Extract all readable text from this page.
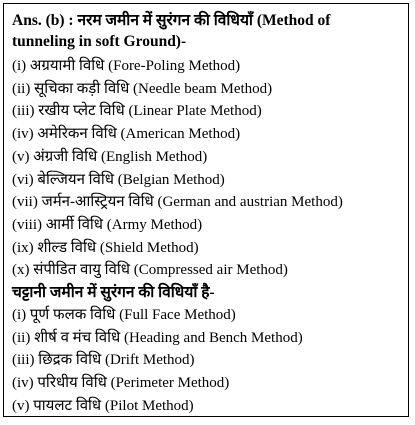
Ans. (b) : नरम जमीन में सुरंगन की विधियाँ (Method of
tunneling in soft Ground)-
(i) अग्रयामी विधि (Fore-Poling Method)
(ii) सूचिका कड़ी विधि (Needle beam Method)
(iii) रखीय प्लेट विधि (Linear Plate Method)
(iv) अमेरिकन विधि (American Method)
(v) अंग्रजी विधि (English Method)
(vi) बेल्जियन विधि (Belgian Method)
(vii) जर्मन-आस्ट्रियन विधि (German and austrian Method)
(viii) आर्मी विधि (Army Method)
(ix) शील्ड विधि (Shield Method)
(x) संपीडित वायु विधि (Compressed air Method)
चट्टानी जमीन में सुरंगन की विधियाँ है-
(i) पूर्ण फलक विधि (Full Face Method)
(ii) शीर्ष व मंच विधि (Heading and Bench Method)
(iii) छिद्रक विधि (Drift Method)
(iv) परिधीय विधि (Perimeter Method)
(v) पायलट विधि (Pilot Method)
